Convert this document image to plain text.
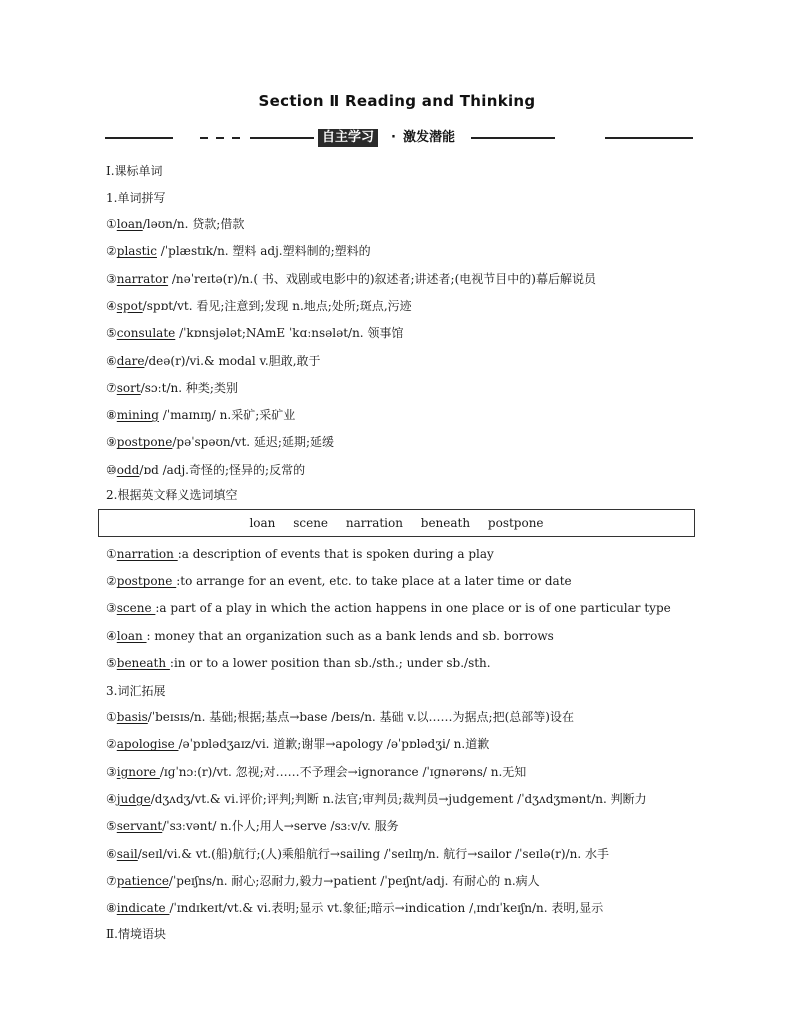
Section Ⅱ Reading and Thinking
自主学习	· 激发潜能
Ⅰ.课标单词
1.单词拼写
①loan/ləʊn/n. 贷款;借款
②plastic /ˈplæstɪk/n. 塑料 adj.塑料制的;塑料的
③narrator /nəˈreɪtə(r)/n.( 书、戏剧或电影中的)叙述者;讲述者;(电视节目中的)幕后解说员
④spot/spɒt/vt. 看见;注意到;发现 n.地点;处所;斑点,污迹
⑤consulate /ˈkɒnsjələt;NAmE ˈkɑːnsələt/n. 领事馆
⑥dare/deə(r)/vi.& modal v.胆敢,敢于
⑦sort/sɔːt/n. 种类;类别
⑧mining /ˈmaɪnɪŋ/ n.采矿;采矿业
⑨postpone/pəˈspəʊn/vt. 延迟;延期;延缓
⑩odd/ɒd /adj.奇怪的;怪异的;反常的
2.根据英文释义选词填空
loan scene narration beneath postpone
①narration :a description of events that is spoken during a play
②postpone :to arrange for an event, etc. to take place at a later time or date
③scene :a part of a play in which the action happens in one place or is of one particular type
④loan : money that an organization such as a bank lends and sb. borrows
⑤beneath :in or to a lower position than sb./sth.; under sb./sth.
3.词汇拓展
①basis/ˈbeɪsɪs/n. 基础;根据;基点→base /beɪs/n. 基础 v.以……为据点;把(总部等)设在
②apologise /əˈpɒlədʒaɪz/vi. 道歉;谢罪→apology /əˈpɒlədʒi/ n.道歉
③ignore /ɪɡˈnɔː(r)/vt. 忽视;对……不予理会→ignorance /ˈɪɡnərəns/ n.无知
④judge/dʒʌdʒ/vt.& vi.评价;评判;判断 n.法官;审判员;裁判员→judgement /ˈdʒʌdʒmənt/n. 判断力
⑤servant/ˈsɜːvənt/ n.仆人;用人→serve /sɜːv/v. 服务
⑥sail/seɪl/vi.& vt.(船)航行;(人)乘船航行→sailing /ˈseɪlɪŋ/n. 航行→sailor /ˈseɪlə(r)/n. 水手
⑦patience/ˈpeɪʃns/n. 耐心;忍耐力,毅力→patient /ˈpeɪʃnt/adj. 有耐心的 n.病人
⑧indicate /ˈɪndɪkeɪt/vt.& vi.表明;显示 vt.象征;暗示→indication /ˌɪndɪˈkeɪʃn/n. 表明,显示
Ⅱ.情境语块
